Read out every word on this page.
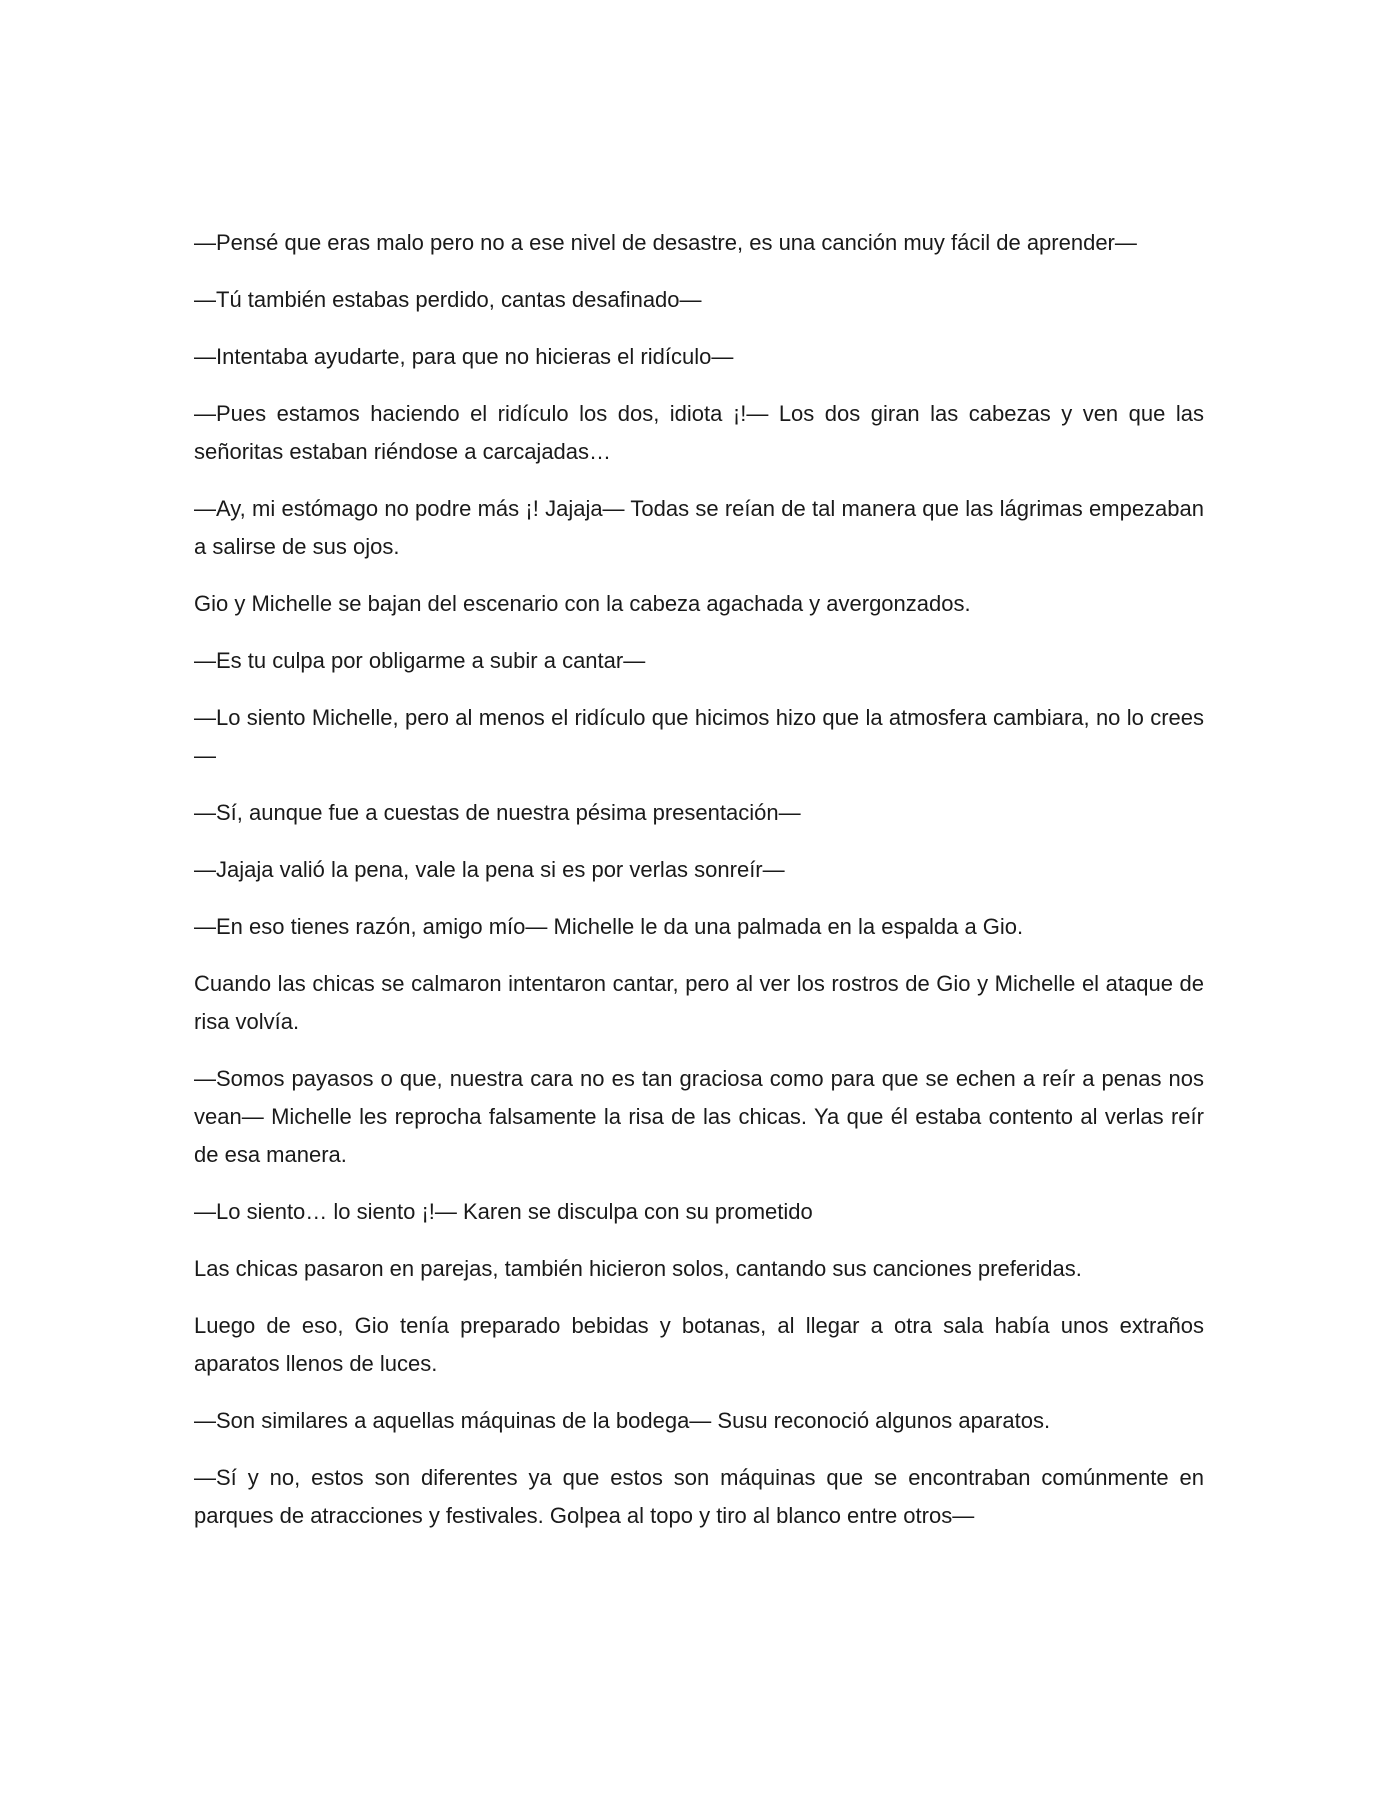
—Pensé que eras malo pero no a ese nivel de desastre, es una canción muy fácil de aprender—

—Tú también estabas perdido, cantas desafinado—

—Intentaba ayudarte, para que no hicieras el ridículo—

—Pues estamos haciendo el ridículo los dos, idiota ¡!— Los dos giran las cabezas y ven que las señoritas estaban riéndose a carcajadas…

—Ay, mi estómago no podre más ¡! Jajaja— Todas se reían de tal manera que las lágrimas empezaban a salirse de sus ojos.

Gio y Michelle se bajan del escenario con la cabeza agachada y avergonzados.

—Es tu culpa por obligarme a subir a cantar—

—Lo siento Michelle, pero al menos el ridículo que hicimos hizo que la atmosfera cambiara, no lo crees—

—Sí, aunque fue a cuestas de nuestra pésima presentación—

—Jajaja valió la pena, vale la pena si es por verlas sonreír—

—En eso tienes razón, amigo mío— Michelle le da una palmada en la espalda a Gio.

Cuando las chicas se calmaron intentaron cantar, pero al ver los rostros de Gio y Michelle el ataque de risa volvía.

—Somos payasos o que, nuestra cara no es tan graciosa como para que se echen a reír a penas nos vean— Michelle les reprocha falsamente la risa de las chicas. Ya que él estaba contento al verlas reír de esa manera.

—Lo siento… lo siento ¡!— Karen se disculpa con su prometido

Las chicas pasaron en parejas, también hicieron solos, cantando sus canciones preferidas.

Luego de eso, Gio tenía preparado bebidas y botanas, al llegar a otra sala había unos extraños aparatos llenos de luces.

—Son similares a aquellas máquinas de la bodega— Susu reconoció algunos aparatos.

—Sí y no, estos son diferentes ya que estos son máquinas que se encontraban comúnmente en parques de atracciones y festivales. Golpea al topo y tiro al blanco entre otros—
